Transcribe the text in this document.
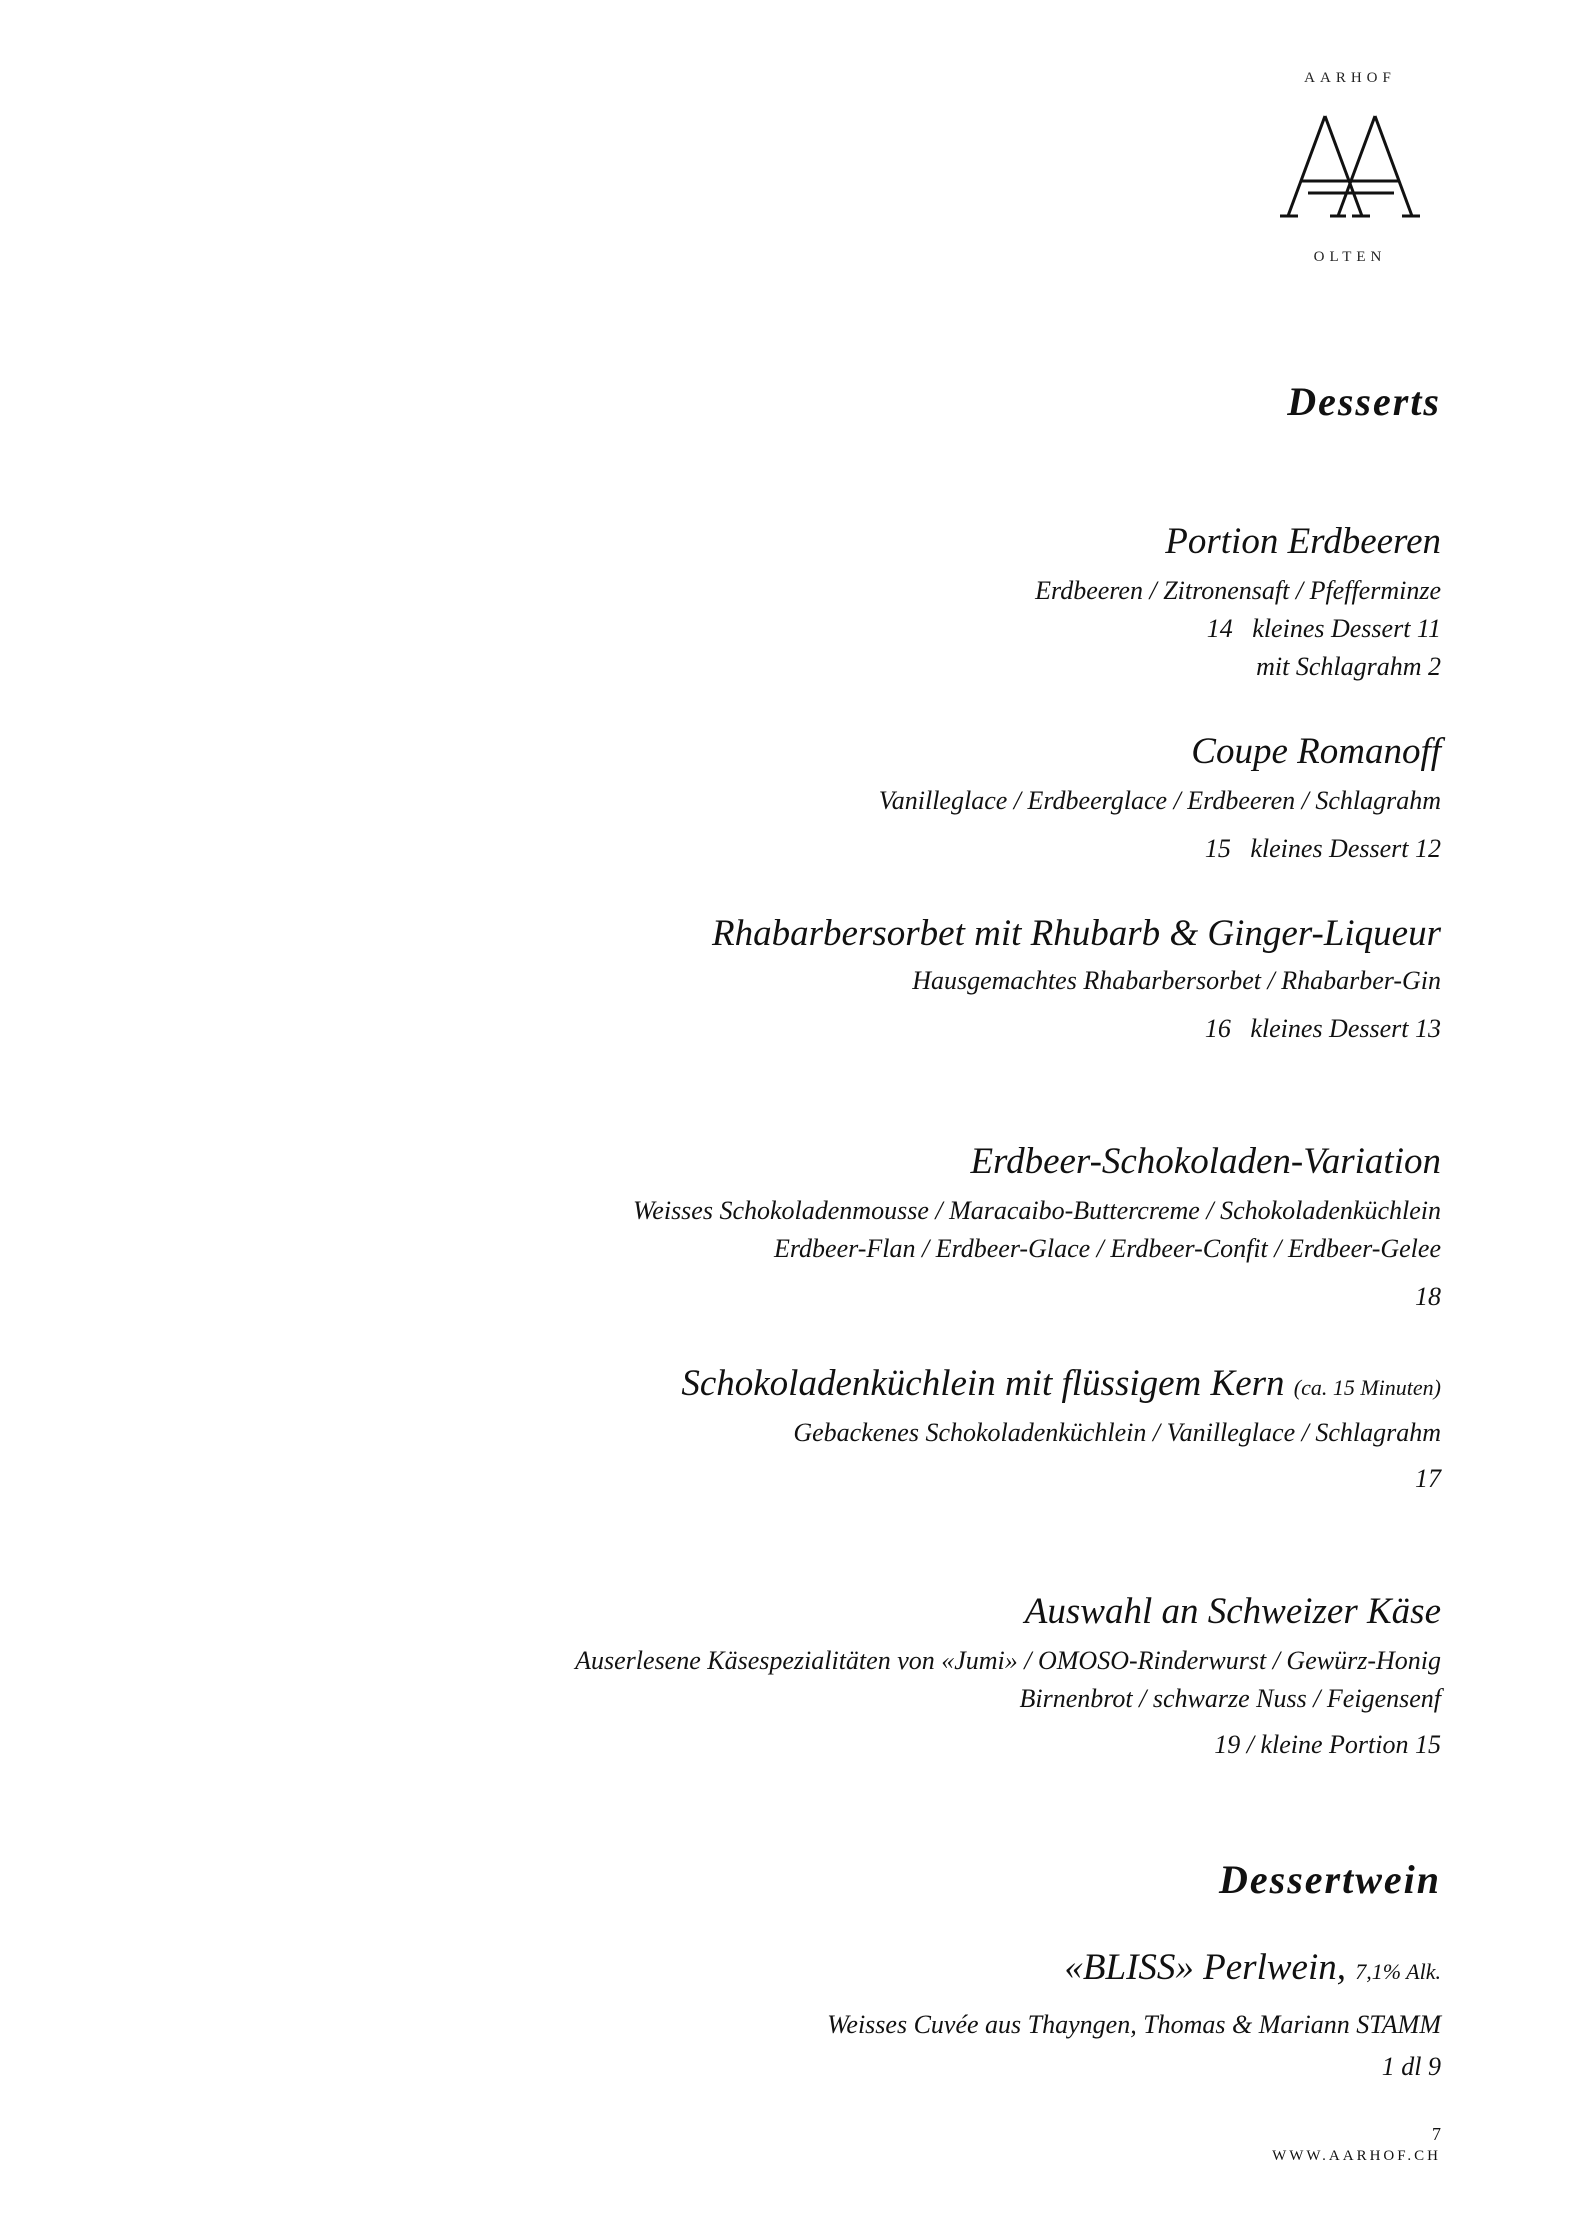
AARHOF
OLTEN
Desserts
Portion Erdbeeren
Erdbeeren / Zitronensaft / Pfefferminze
14   kleines Dessert 11
mit Schlagrahm 2
Coupe Romanoff
Vanilleglace / Erdbeerglace / Erdbeeren / Schlagrahm
15   kleines Dessert 12
Rhabarbersorbet mit Rhubarb & Ginger-Liqueur
Hausgemachtes Rhabarbersorbet / Rhabarber-Gin
16   kleines Dessert 13
Erdbeer-Schokoladen-Variation
Weisses Schokoladenmousse / Maracaibo-Buttercreme / Schokoladenküchlein
Erdbeer-Flan / Erdbeer-Glace / Erdbeer-Confit / Erdbeer-Gelee
18
Schokoladenküchlein mit flüssigem Kern (ca. 15 Minuten)
Gebackenes Schokoladenküchlein / Vanilleglace / Schlagrahm
17
Auswahl an Schweizer Käse
Auserlesene Käsespezialitäten von «Jumi» / OMOSO-Rinderwurst / Gewürz-Honig
Birnenbrot / schwarze Nuss / Feigensenf
19 / kleine Portion 15
Dessertwein
«BLISS» Perlwein, 7,1% Alk.
Weisses Cuvée aus Thayngen, Thomas & Mariann STAMM
1 dl 9
7
WWW.AARHOF.CH
